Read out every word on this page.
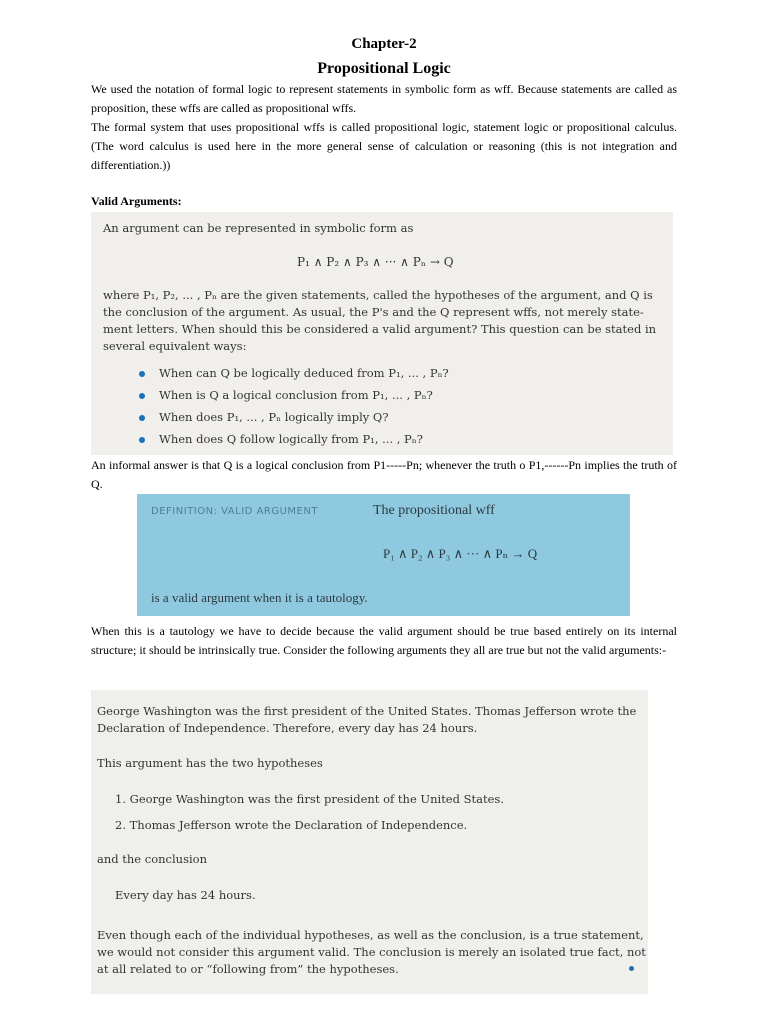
Chapter-2
Propositional Logic
We used the notation of formal logic to represent statements in symbolic form as wff. Because statements are called as proposition, these wffs are called as propositional wffs.
The formal system that uses propositional wffs is called propositional logic, statement logic or propositional calculus. (The word calculus is used here in the more general sense of calculation or reasoning (this is not integration and differentiation.))
Valid Arguments:
An argument can be represented in symbolic form as
P₁ ∧ P₂ ∧ P₃ ∧ ··· ∧ Pₙ → Q
where P₁, P₂, ... , Pₙ are the given statements, called the hypotheses of the argument, and Q is
the conclusion of the argument. As usual, the P's and the Q represent wffs, not merely state-
ment letters. When should this be considered a valid argument? This question can be stated in
several equivalent ways:
When can Q be logically deduced from P₁, ... , Pₙ?
When is Q a logical conclusion from P₁, ... , Pₙ?
When does P₁, ... , Pₙ logically imply Q?
When does Q follow logically from P₁, ... , Pₙ?
An informal answer is that Q is a logical conclusion from P1-----Pn; whenever the truth o P1,------Pn implies the truth of Q.
DEFINITION: VALID ARGUMENT	The propositional wff
P₁ ∧ P₂ ∧ P₃ ∧ ··· ∧ Pₙ → Q
is a valid argument when it is a tautology.
When this is a tautology we have to decide because the valid argument should be true based entirely on its internal structure; it should be intrinsically true. Consider the following arguments they all are true but not the valid arguments:-
George Washington was the first president of the United States. Thomas Jefferson wrote the
Declaration of Independence. Therefore, every day has 24 hours.
This argument has the two hypotheses
1. George Washington was the first president of the United States.
2. Thomas Jefferson wrote the Declaration of Independence.
and the conclusion
Every day has 24 hours.
Even though each of the individual hypotheses, as well as the conclusion, is a true statement,
we would not consider this argument valid. The conclusion is merely an isolated true fact, not
at all related to or “following from” the hypotheses.
